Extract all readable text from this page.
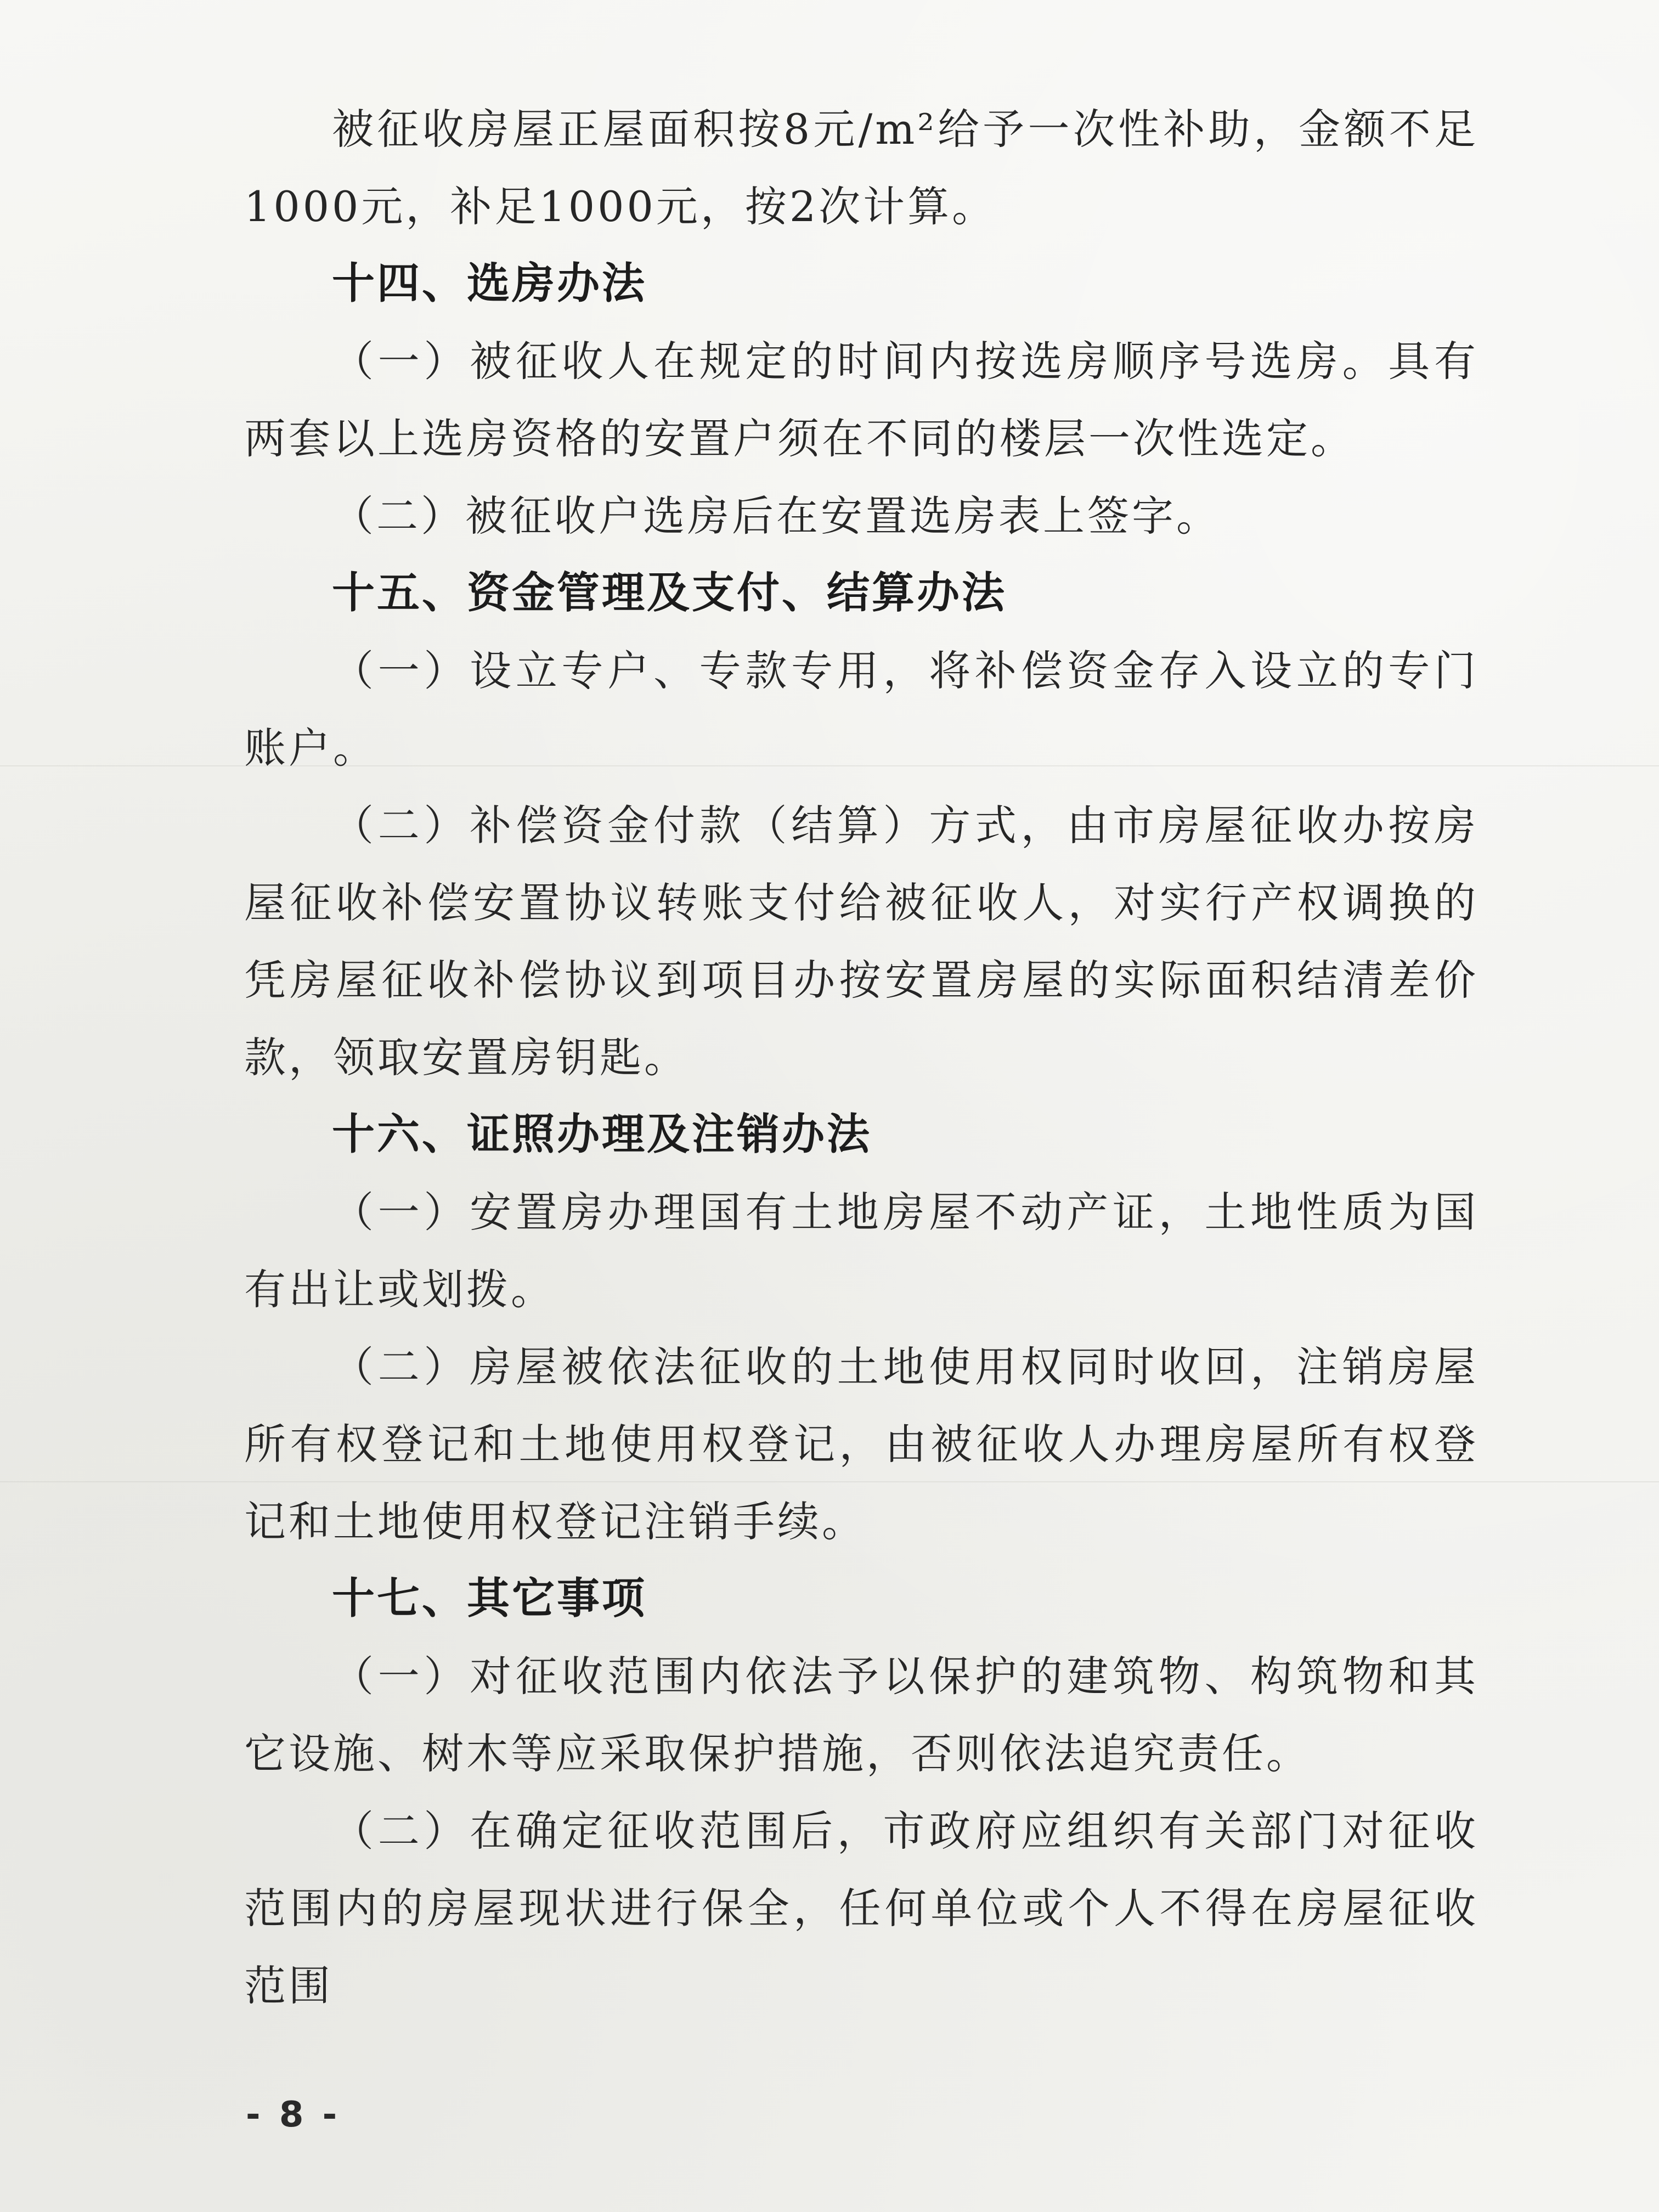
被征收房屋正屋面积按8元/m²给予一次性补助，金额不足1000元，补足1000元，按2次计算。

十四、选房办法

（一）被征收人在规定的时间内按选房顺序号选房。具有两套以上选房资格的安置户须在不同的楼层一次性选定。

（二）被征收户选房后在安置选房表上签字。

十五、资金管理及支付、结算办法

（一）设立专户、专款专用，将补偿资金存入设立的专门账户。

（二）补偿资金付款（结算）方式，由市房屋征收办按房屋征收补偿安置协议转账支付给被征收人，对实行产权调换的凭房屋征收补偿协议到项目办按安置房屋的实际面积结清差价款，领取安置房钥匙。

十六、证照办理及注销办法

（一）安置房办理国有土地房屋不动产证，土地性质为国有出让或划拨。

（二）房屋被依法征收的土地使用权同时收回，注销房屋所有权登记和土地使用权登记，由被征收人办理房屋所有权登记和土地使用权登记注销手续。

十七、其它事项

（一）对征收范围内依法予以保护的建筑物、构筑物和其它设施、树木等应采取保护措施，否则依法追究责任。

（二）在确定征收范围后，市政府应组织有关部门对征收范围内的房屋现状进行保全，任何单位或个人不得在房屋征收范围

- 8 -
